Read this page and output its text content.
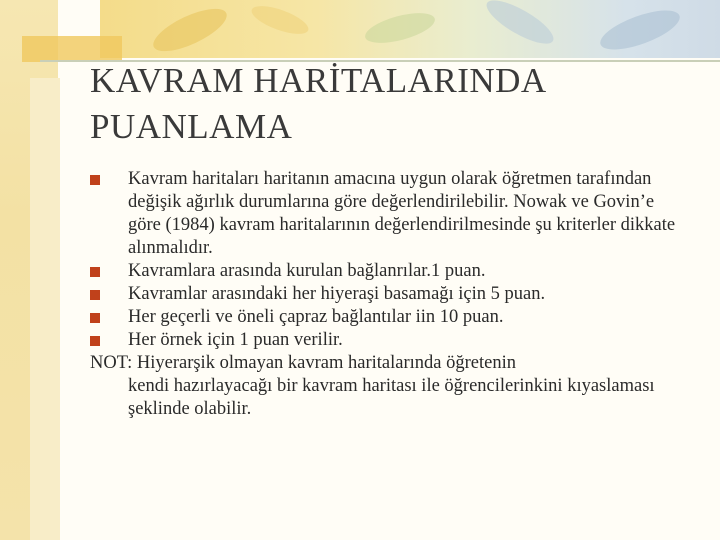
KAVRAM HARİTALARINDA
PUANLAMA
Kavram haritaları haritanın amacına uygun olarak öğretmen tarafından değişik ağırlık durumlarına göre değerlendirilebilir. Nowak ve Govin’e göre (1984) kavram haritalarının değerlendirilmesinde şu kriterler dikkate alınmalıdır.
Kavramlara arasında kurulan bağlanrılar.1 puan.
Kavramlar arasındaki her hiyeraşi basamağı için 5 puan.
Her geçerli ve öneli çapraz bağlantılar iin 10 puan.
Her örnek için 1 puan verilir.
NOT: Hiyerarşik olmayan kavram haritalarında öğretenin
kendi hazırlayacağı bir kavram haritası ile öğrencilerinkini kıyaslaması şeklinde olabilir.
